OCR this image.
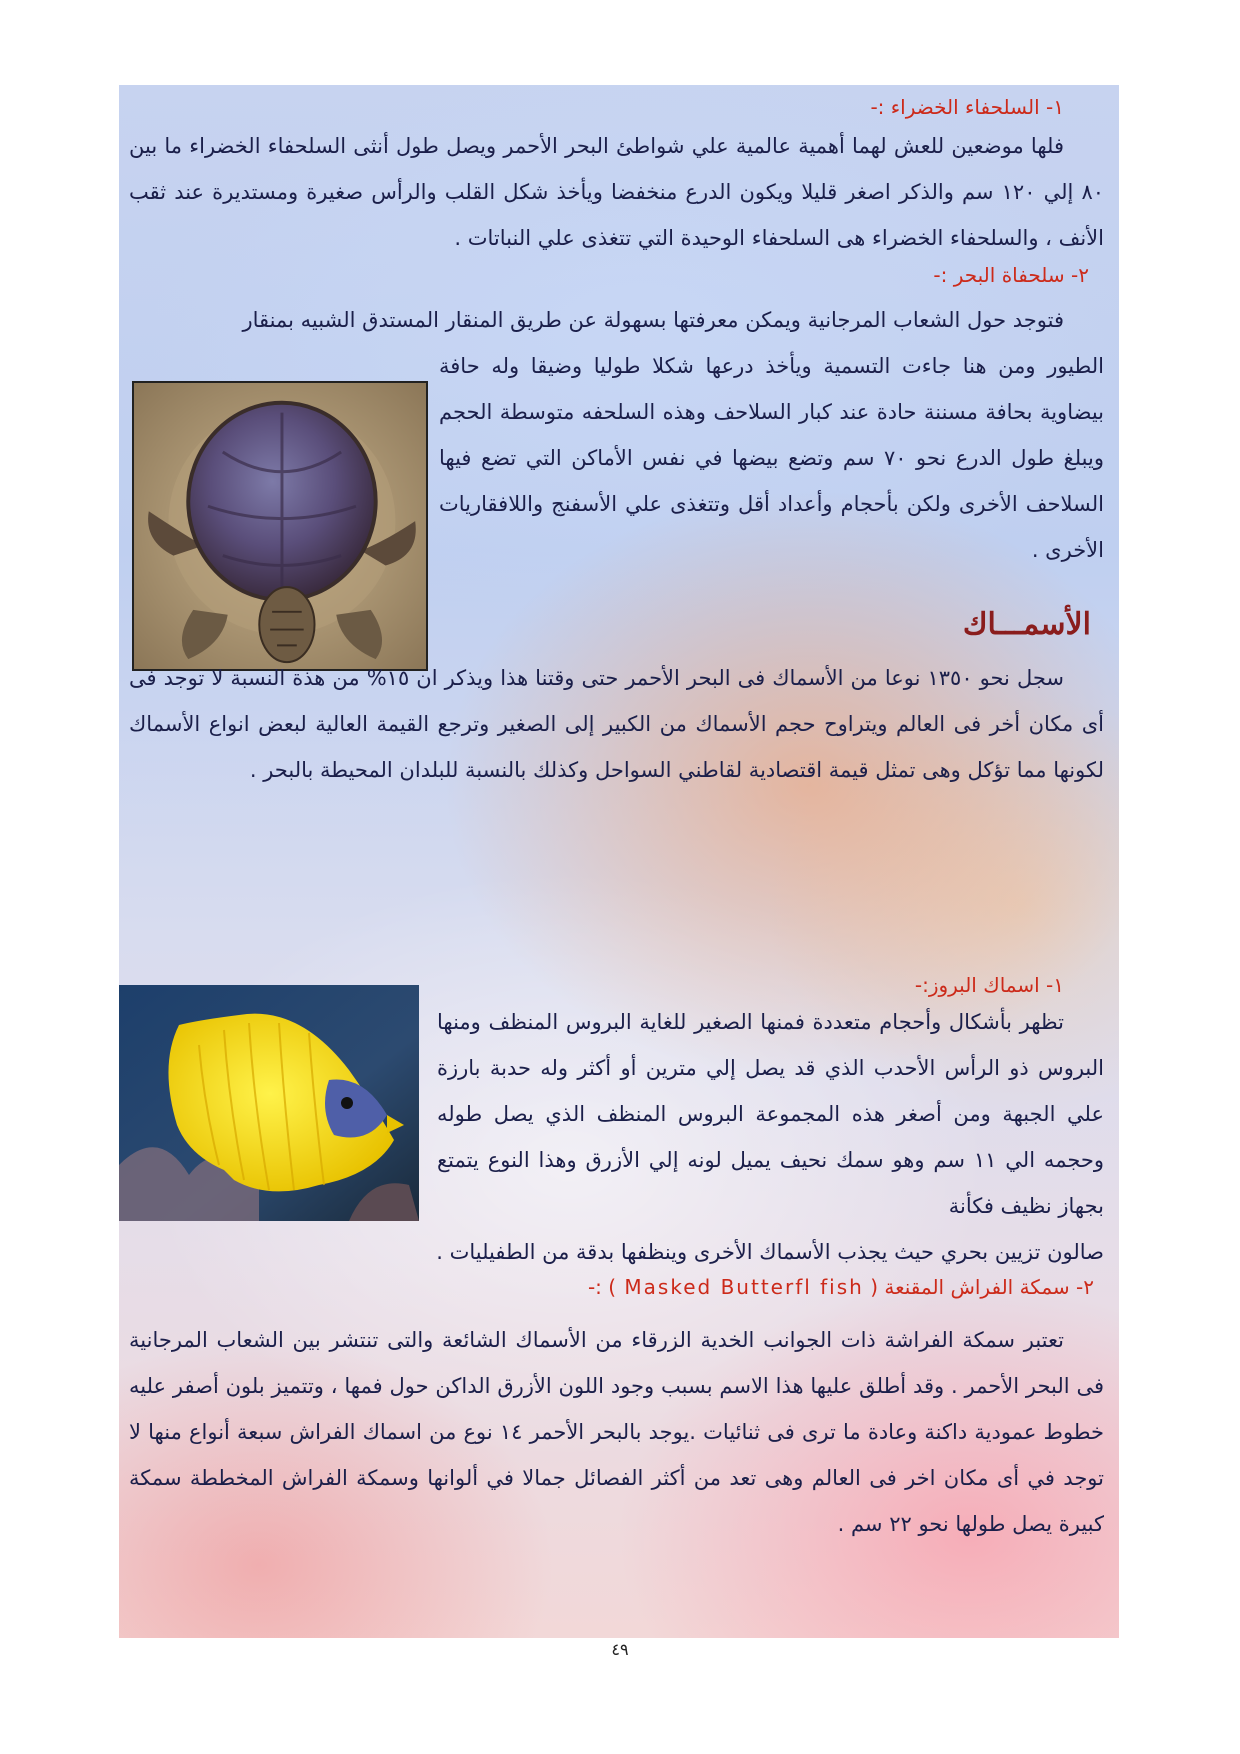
١- السلحفاء الخضراء :-

فلها موضعين للعش لهما أهمية عالمية علي شواطئ البحر الأحمر ويصل طول أنثى السلحفاء الخضراء ما بين ٨٠ إلي ١٢٠ سم والذكر اصغر قليلا ويكون الدرع منخفضا ويأخذ شكل القلب والرأس صغيرة ومستديرة عند ثقب الأنف ، والسلحفاء الخضراء هى السلحفاء الوحيدة التي تتغذى علي النباتات .

٢- سلحفاة البحر :-

فتوجد حول الشعاب المرجانية ويمكن معرفتها بسهولة عن طريق المنقار المستدق الشبيه بمنقار

الطيور ومن هنا جاءت التسمية ويأخذ درعها شكلا طوليا وضيقا وله حافة بيضاوية بحافة مسننة حادة عند كبار السلاحف وهذه السلحفه متوسطة الحجم ويبلغ طول الدرع نحو ٧٠ سم وتضع بيضها في نفس الأماكن التي تضع فيها السلاحف الأخرى ولكن بأحجام وأعداد أقل وتتغذى علي الأسفنج واللافقاريات الأخرى .

الأسمـــاك

سجل نحو ١٣٥٠ نوعا من الأسماك فى البحر الأحمر حتى وقتنا هذا ويذكر ان ١٥% من هذة النسبة لا توجد فى أى مكان أخر فى العالم ويتراوح حجم الأسماك من الكبير إلى الصغير وترجع القيمة العالية لبعض انواع الأسماك لكونها مما تؤكل وهى تمثل قيمة اقتصادية لقاطني السواحل وكذلك بالنسبة للبلدان المحيطة بالبحر .

١- اسماك البروز:-

تظهر بأشكال وأحجام متعددة فمنها الصغير للغاية البروس المنظف ومنها البروس ذو الرأس الأحدب الذي قد يصل إلي مترين أو أكثر وله حدبة بارزة علي الجبهة ومن أصغر هذه المجموعة البروس المنظف الذي يصل طوله وحجمه الي ١١ سم وهو سمك نحيف يميل لونه إلي الأزرق وهذا النوع يتمتع بجهاز نظيف فكأنة

صالون تزيين بحري حيث يجذب الأسماك الأخرى وينظفها بدقة من الطفيليات .

٢- سمكة الفراش المقنعة ( Masked Butterfl fish ) :-

تعتبر سمكة الفراشة ذات الجوانب الخدية الزرقاء من الأسماك الشائعة والتى تنتشر بين الشعاب المرجانية فى البحر الأحمر . وقد أطلق عليها هذا الاسم بسبب وجود اللون الأزرق الداكن حول فمها ، وتتميز بلون أصفر عليه خطوط عمودية داكنة وعادة ما ترى فى ثنائيات .يوجد بالبحر الأحمر ١٤ نوع من اسماك الفراش سبعة أنواع منها لا توجد في أى مكان اخر فى العالم وهى تعد من أكثر الفصائل جمالا في ألوانها وسمكة الفراش المخططة سمكة كبيرة يصل طولها نحو ٢٢ سم .

٤٩
